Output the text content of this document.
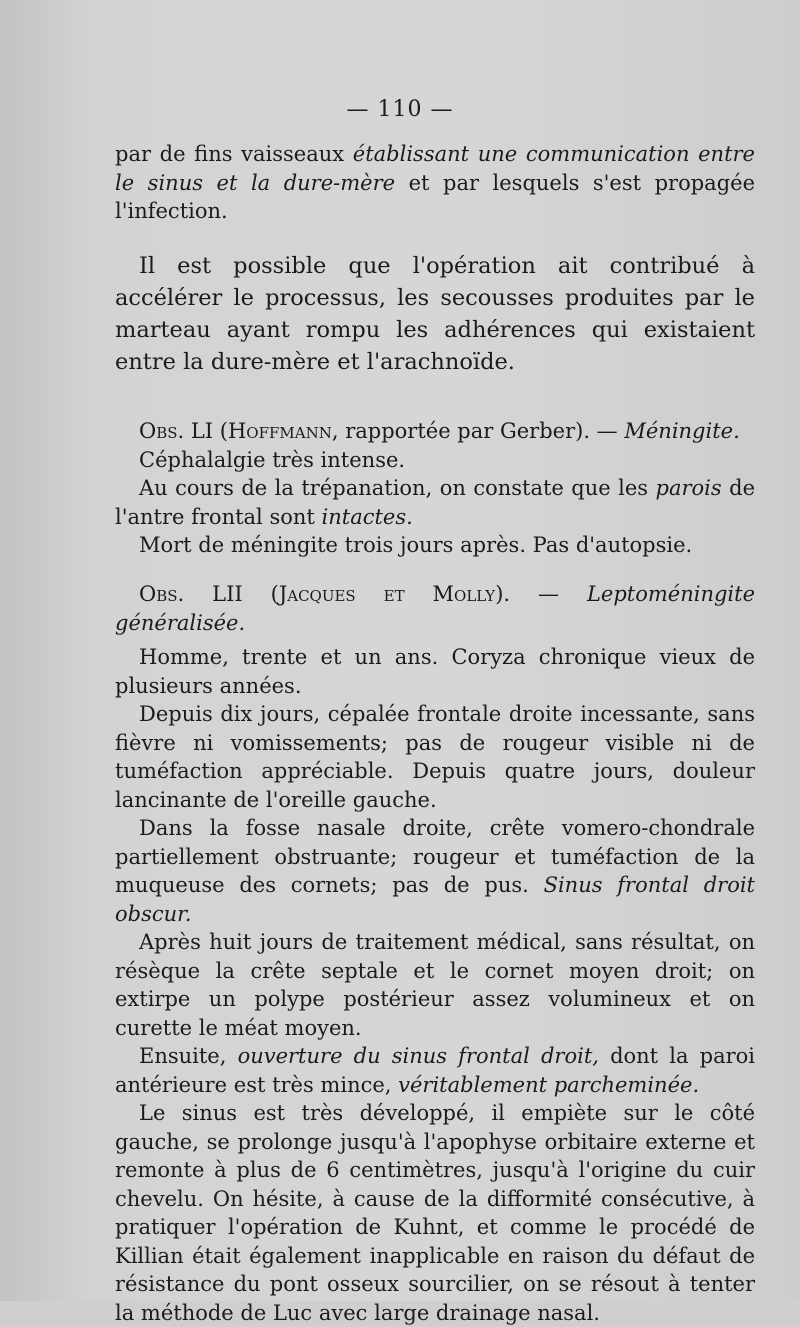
— 110 —

par de fins vaisseaux établissant une communication entre le sinus et la dure-mère et par lesquels s'est propagée l'infection.

Il est possible que l'opération ait contribué à accélérer le processus, les secousses produites par le marteau ayant rompu les adhérences qui existaient entre la dure-mère et l'arachnoïde.

Obs. LI (Hoffmann, rapportée par Gerber). — Méningite.
Céphalalgie très intense.
Au cours de la trépanation, on constate que les parois de l'antre frontal sont intactes.
Mort de méningite trois jours après. Pas d'autopsie.
Obs. LII (Jacques et Molly). — Leptoméningite généralisée.
Homme, trente et un ans. Coryza chronique vieux de plusieurs années.
Depuis dix jours, cépalée frontale droite incessante, sans fièvre ni vomissements; pas de rougeur visible ni de tuméfaction appréciable. Depuis quatre jours, douleur lancinante de l'oreille gauche.
Dans la fosse nasale droite, crête vomero-chondrale partiellement obstruante; rougeur et tuméfaction de la muqueuse des cornets; pas de pus. Sinus frontal droit obscur.
Après huit jours de traitement médical, sans résultat, on résèque la crête septale et le cornet moyen droit; on extirpe un polype postérieur assez volumineux et on curette le méat moyen.
Ensuite, ouverture du sinus frontal droit, dont la paroi antérieure est très mince, véritablement parcheminée.
Le sinus est très développé, il empiète sur le côté gauche, se prolonge jusqu'à l'apophyse orbitaire externe et remonte à plus de 6 centimètres, jusqu'à l'origine du cuir chevelu. On hésite, à cause de la difformité consécutive, à pratiquer l'opération de Kuhnt, et comme le procédé de Killian était également inapplicable en raison du défaut de résistance du pont osseux sourcilier, on se résout à tenter la méthode de Luc avec large drainage nasal.
